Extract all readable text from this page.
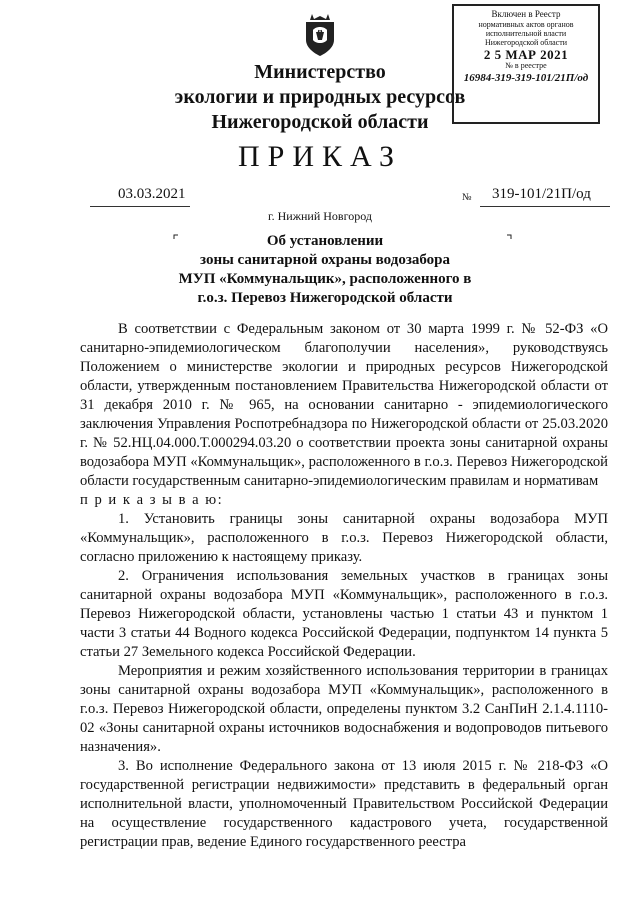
Министерство
экологии и природных ресурсов
Нижегородской области
Включен в Реестр
нормативных актов органов
исполнительной власти
Нижегородской области
2 5 МАР 2021
№ в реестре
16984-319-319-101/21П/од
ПРИКАЗ
03.03.2021	№ 319-101/21П/од
г. Нижний Новгород
Об установлении
зоны санитарной охраны водозабора
МУП «Коммунальщик», расположенного в
г.о.з. Перевоз Нижегородской области

В соответствии с Федеральным законом от 30 марта 1999 г. № 52-ФЗ «О санитарно-эпидемиологическом благополучии населения», руководствуясь Положением о министерстве экологии и природных ресурсов Нижегородской области, утвержденным постановлением Правительства Нижегородской области от 31 декабря 2010 г. № 965, на основании санитарно - эпидемиологического заключения Управления Роспотребнадзора по Нижегородской области от 25.03.2020 г. № 52.НЦ.04.000.Т.000294.03.20 о соответствии проекта зоны санитарной охраны водозабора МУП «Коммунальщик», расположенного в г.о.з. Перевоз Нижегородской области государственным санитарно-эпидемиологическим правилам и нормативам

п р и к а з ы в а ю:

1. Установить границы зоны санитарной охраны водозабора МУП «Коммунальщик», расположенного в г.о.з. Перевоз Нижегородской области, согласно приложению к настоящему приказу.

2. Ограничения использования земельных участков в границах зоны санитарной охраны водозабора МУП «Коммунальщик», расположенного в г.о.з. Перевоз Нижегородской области, установлены частью 1 статьи 43 и пунктом 1 части 3 статьи 44 Водного кодекса Российской Федерации, подпунктом 14 пункта 5 статьи 27 Земельного кодекса Российской Федерации.

Мероприятия и режим хозяйственного использования территории в границах зоны санитарной охраны водозабора МУП «Коммунальщик», расположенного в г.о.з. Перевоз Нижегородской области, определены пунктом 3.2 СанПиН 2.1.4.1110-02 «Зоны санитарной охраны источников водоснабжения и водопроводов питьевого назначения».

3. Во исполнение Федерального закона от 13 июля 2015 г. № 218-ФЗ «О государственной регистрации недвижимости» представить в федеральный орган исполнительной власти, уполномоченный Правительством Российской Федерации на осуществление государственного кадастрового учета, государственной регистрации прав, ведение Единого государственного реестра
